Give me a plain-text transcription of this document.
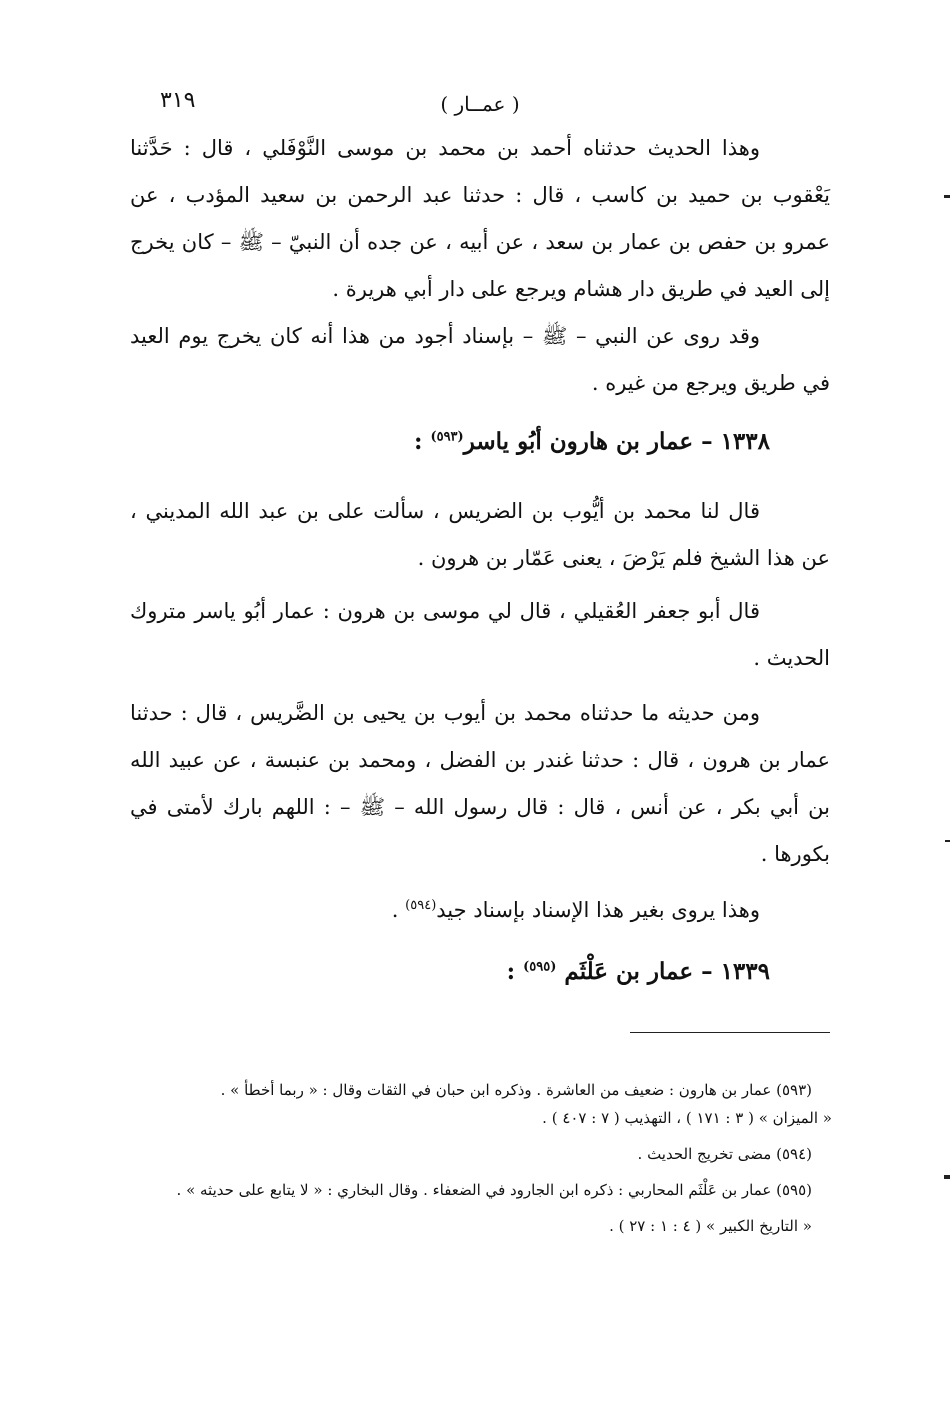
( عمــار )
٣١٩

وهذا الحديث حدثناه أحمد بن محمد بن موسى النَّوْفَلي ، قال : حَدَّثنا يَعْقوب بن حميد بن كاسب ، قال : حدثنا عبد الرحمن بن سعيد المؤدب ، عن عمرو بن حفص بن عمار بن سعد ، عن أبيه ، عن جده أن النبيّ – ﷺ – كان يخرج إلى العيد في طريق دار هشام ويرجع على دار أبي هريرة .

وقد روى عن النبي – ﷺ – بإسناد أجود من هذا أنه كان يخرج يوم العيد في طريق ويرجع من غيره .

١٣٣٨ – عمار بن هارون أبُو ياسر$^{(٥٩٣)}$ :

قال لنا محمد بن أيُّوب بن الضريس ، سألت على بن عبد الله المديني ، عن هذا الشيخ فلم يَرْضَ ، يعنى عَمّار بن هرون .

قال أبو جعفر العُقيلي ، قال لي موسى بن هرون : عمار أبُو ياسر متروك الحديث .

ومن حديثه ما حدثناه محمد بن أيوب بن يحيى بن الضَّريس ، قال : حدثنا عمار بن هرون ، قال : حدثنا غندر بن الفضل ، ومحمد بن عنبسة ، عن عبيد الله بن أبي بكر ، عن أنس ، قال : قال رسول الله – ﷺ – : اللهم بارك لأمتى في بكورها .

وهذا يروى بغير هذا الإسناد بإسناد جيد$^{(٥٩٤)}$ .

١٣٣٩ – عمار بن عَلْثَم $^{(٥٩٥)}$ :

(٥٩٣) عمار بن هارون : ضعيف من العاشرة . وذكره ابن حبان في الثقات وقال : « ربما أخطأ » .

« الميزان » ( ٣ : ١٧١ ) ، التهذيب ( ٧ : ٤٠٧ ) .

(٥٩٤) مضى تخريج الحديث .

(٥٩٥) عمار بن عَلْثَم المحاربي : ذكره ابن الجارود في الضعفاء . وقال البخاري : « لا يتابع على حديثه » .

« التاريخ الكبير » ( ٤ : ١ : ٢٧ ) .
